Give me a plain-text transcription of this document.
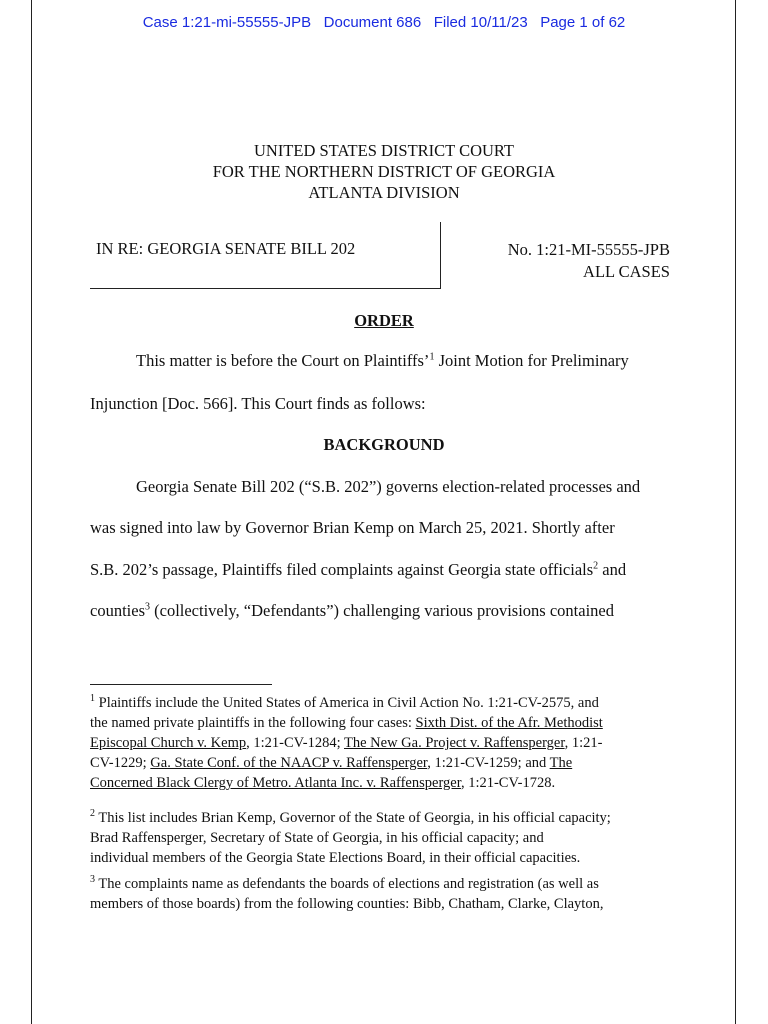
Case 1:21-mi-55555-JPB Document 686 Filed 10/11/23 Page 1 of 62
UNITED STATES DISTRICT COURT
FOR THE NORTHERN DISTRICT OF GEORGIA
ATLANTA DIVISION
IN RE: GEORGIA SENATE BILL 202	No. 1:21-MI-55555-JPB
ALL CASES
ORDER
This matter is before the Court on Plaintiffs’$^1$ Joint Motion for Preliminary
Injunction [Doc. 566]. This Court finds as follows:
BACKGROUND
Georgia Senate Bill 202 (“S.B. 202”) governs election-related processes and
was signed into law by Governor Brian Kemp on March 25, 2021. Shortly after
S.B. 202’s passage, Plaintiffs filed complaints against Georgia state officials$^2$ and
counties$^3$ (collectively, “Defendants”) challenging various provisions contained
$^1$ Plaintiffs include the United States of America in Civil Action No. 1:21-CV-2575, and
the named private plaintiffs in the following four cases: Sixth Dist. of the Afr. Methodist
Episcopal Church v. Kemp, 1:21-CV-1284; The New Ga. Project v. Raffensperger, 1:21-
CV-1229; Ga. State Conf. of the NAACP v. Raffensperger, 1:21-CV-1259; and The
Concerned Black Clergy of Metro. Atlanta Inc. v. Raffensperger, 1:21-CV-1728.
$^2$ This list includes Brian Kemp, Governor of the State of Georgia, in his official capacity;
Brad Raffensperger, Secretary of State of Georgia, in his official capacity; and
individual members of the Georgia State Elections Board, in their official capacities.
$^3$ The complaints name as defendants the boards of elections and registration (as well as
members of those boards) from the following counties: Bibb, Chatham, Clarke, Clayton,
